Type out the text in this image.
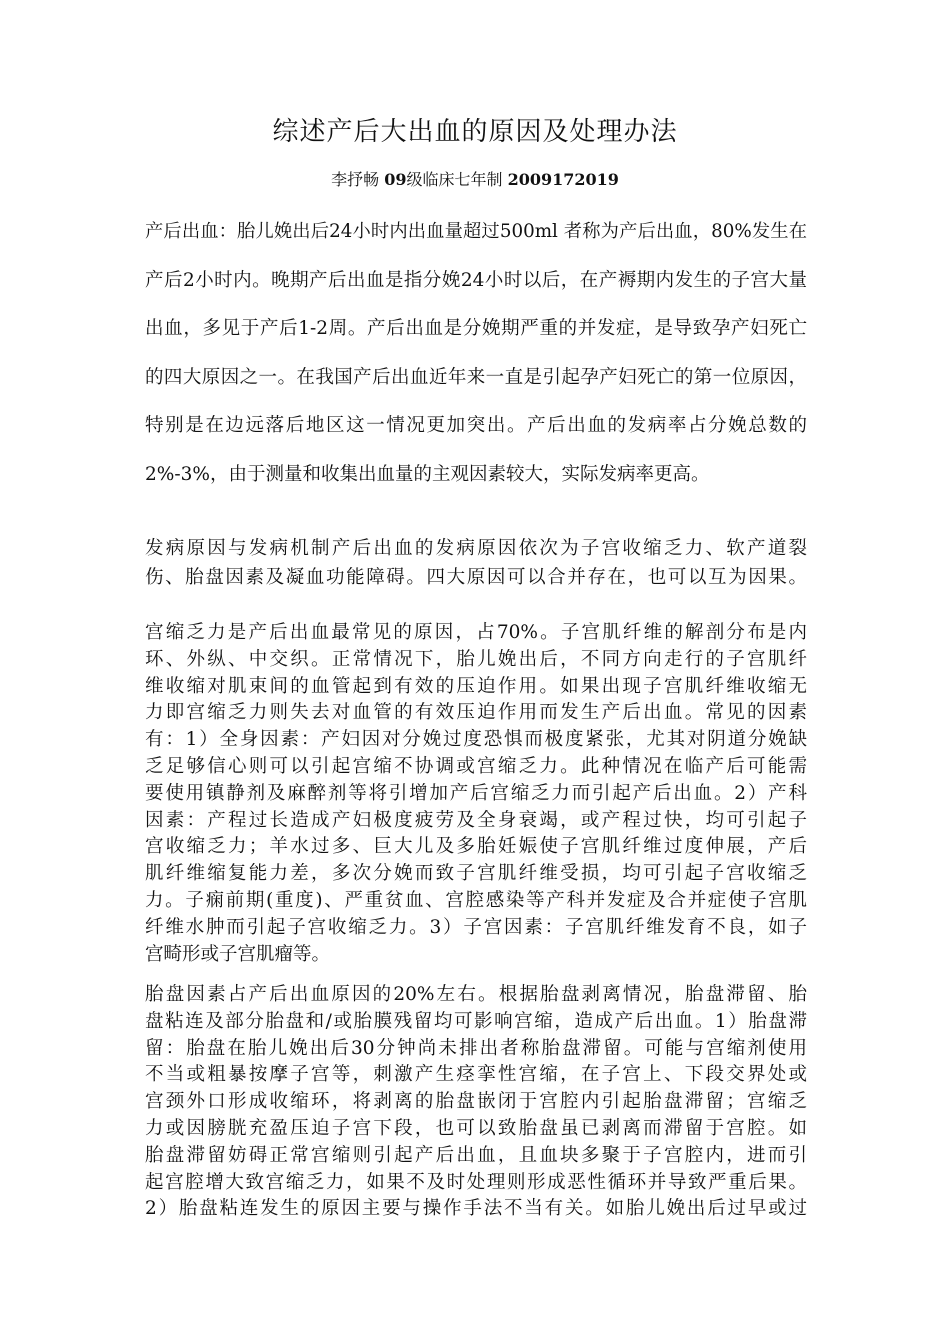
综述产后大出血的原因及处理办法
李抒畅 09级临床七年制 2009172019
产后出血：胎儿娩出后24小时内出血量超过500ml 者称为产后出血，80%发生在
产后2小时内。晚期产后出血是指分娩24小时以后，在产褥期内发生的子宫大量
出血，多见于产后1-2周。产后出血是分娩期严重的并发症，是导致孕产妇死亡
的四大原因之一。在我国产后出血近年来一直是引起孕产妇死亡的第一位原因，
特别是在边远落后地区这一情况更加突出。产后出血的发病率占分娩总数的
2%-3%，由于测量和收集出血量的主观因素较大，实际发病率更高。
发病原因与发病机制产后出血的发病原因依次为子宫收缩乏力、软产道裂
伤、胎盘因素及凝血功能障碍。四大原因可以合并存在，也可以互为因果。
宫缩乏力是产后出血最常见的原因，占70%。子宫肌纤维的解剖分布是内
环、外纵、中交织。正常情况下，胎儿娩出后，不同方向走行的子宫肌纤
维收缩对肌束间的血管起到有效的压迫作用。如果出现子宫肌纤维收缩无
力即宫缩乏力则失去对血管的有效压迫作用而发生产后出血。常见的因素
有：1）全身因素：产妇因对分娩过度恐惧而极度紧张，尤其对阴道分娩缺
乏足够信心则可以引起宫缩不协调或宫缩乏力。此种情况在临产后可能需
要使用镇静剂及麻醉剂等将引增加产后宫缩乏力而引起产后出血。2）产科
因素：产程过长造成产妇极度疲劳及全身衰竭，或产程过快，均可引起子
宫收缩乏力；羊水过多、巨大儿及多胎妊娠使子宫肌纤维过度伸展，产后
肌纤维缩复能力差，多次分娩而致子宫肌纤维受损，均可引起子宫收缩乏
力。子痫前期(重度)、严重贫血、宫腔感染等产科并发症及合并症使子宫肌
纤维水肿而引起子宫收缩乏力。3）子宫因素：子宫肌纤维发育不良，如子
宫畸形或子宫肌瘤等。
胎盘因素占产后出血原因的20%左右。根据胎盘剥离情况，胎盘滞留、胎
盘粘连及部分胎盘和/或胎膜残留均可影响宫缩，造成产后出血。1）胎盘滞
留：胎盘在胎儿娩出后30分钟尚未排出者称胎盘滞留。可能与宫缩剂使用
不当或粗暴按摩子宫等，刺激产生痉挛性宫缩，在子宫上、下段交界处或
宫颈外口形成收缩环，将剥离的胎盘嵌闭于宫腔内引起胎盘滞留；宫缩乏
力或因膀胱充盈压迫子宫下段，也可以致胎盘虽已剥离而滞留于宫腔。如
胎盘滞留妨碍正常宫缩则引起产后出血，且血块多聚于子宫腔内，进而引
起宫腔增大致宫缩乏力，如果不及时处理则形成恶性循环并导致严重后果。
2）胎盘粘连发生的原因主要与操作手法不当有关。如胎儿娩出后过早或过
